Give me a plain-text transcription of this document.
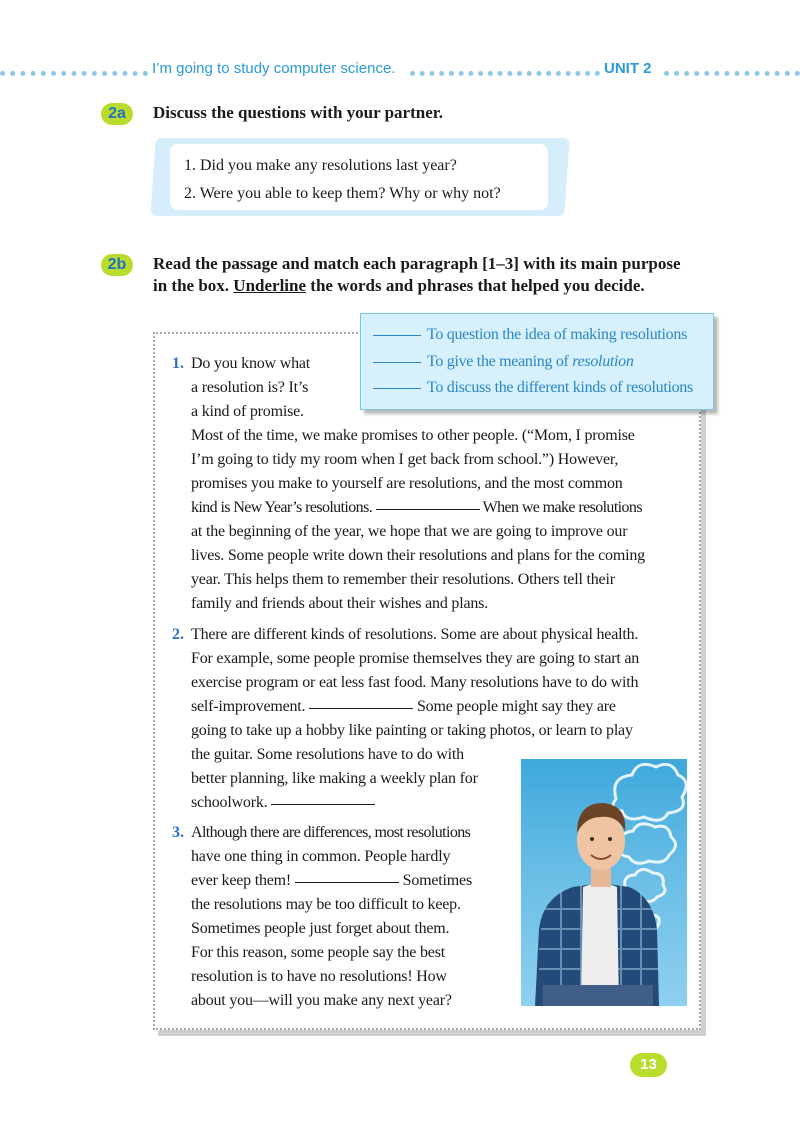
I’m going to study computer science.	UNIT 2
2a	Discuss the questions with your partner.
1. Did you make any resolutions last year?
2. Were you able to keep them? Why or why not?
2b	Read the passage and match each paragraph [1–3] with its main purpose
in the box. Underline the words and phrases that helped you decide.
To question the idea of making resolutions
To give the meaning of resolution
To discuss the different kinds of resolutions
1. Do you know what
a resolution is? It’s
a kind of promise.
Most of the time, we make promises to other people. (“Mom, I promise
I’m going to tidy my room when I get back from school.”) However,
promises you make to yourself are resolutions, and the most common
kind is New Year’s resolutions.	When we make resolutions
at the beginning of the year, we hope that we are going to improve our
lives. Some people write down their resolutions and plans for the coming
year. This helps them to remember their resolutions. Others tell their
family and friends about their wishes and plans.
2. There are different kinds of resolutions. Some are about physical health.
For example, some people promise themselves they are going to start an
exercise program or eat less fast food. Many resolutions have to do with
self-improvement.	Some people might say they are
going to take up a hobby like painting or taking photos, or learn to play
the guitar. Some resolutions have to do with
better planning, like making a weekly plan for
schoolwork.
3. Although there are differences, most resolutions
have one thing in common. People hardly
ever keep them!	Sometimes
the resolutions may be too difficult to keep.
Sometimes people just forget about them.
For this reason, some people say the best
resolution is to have no resolutions! How
about you—will you make any next year?
13
